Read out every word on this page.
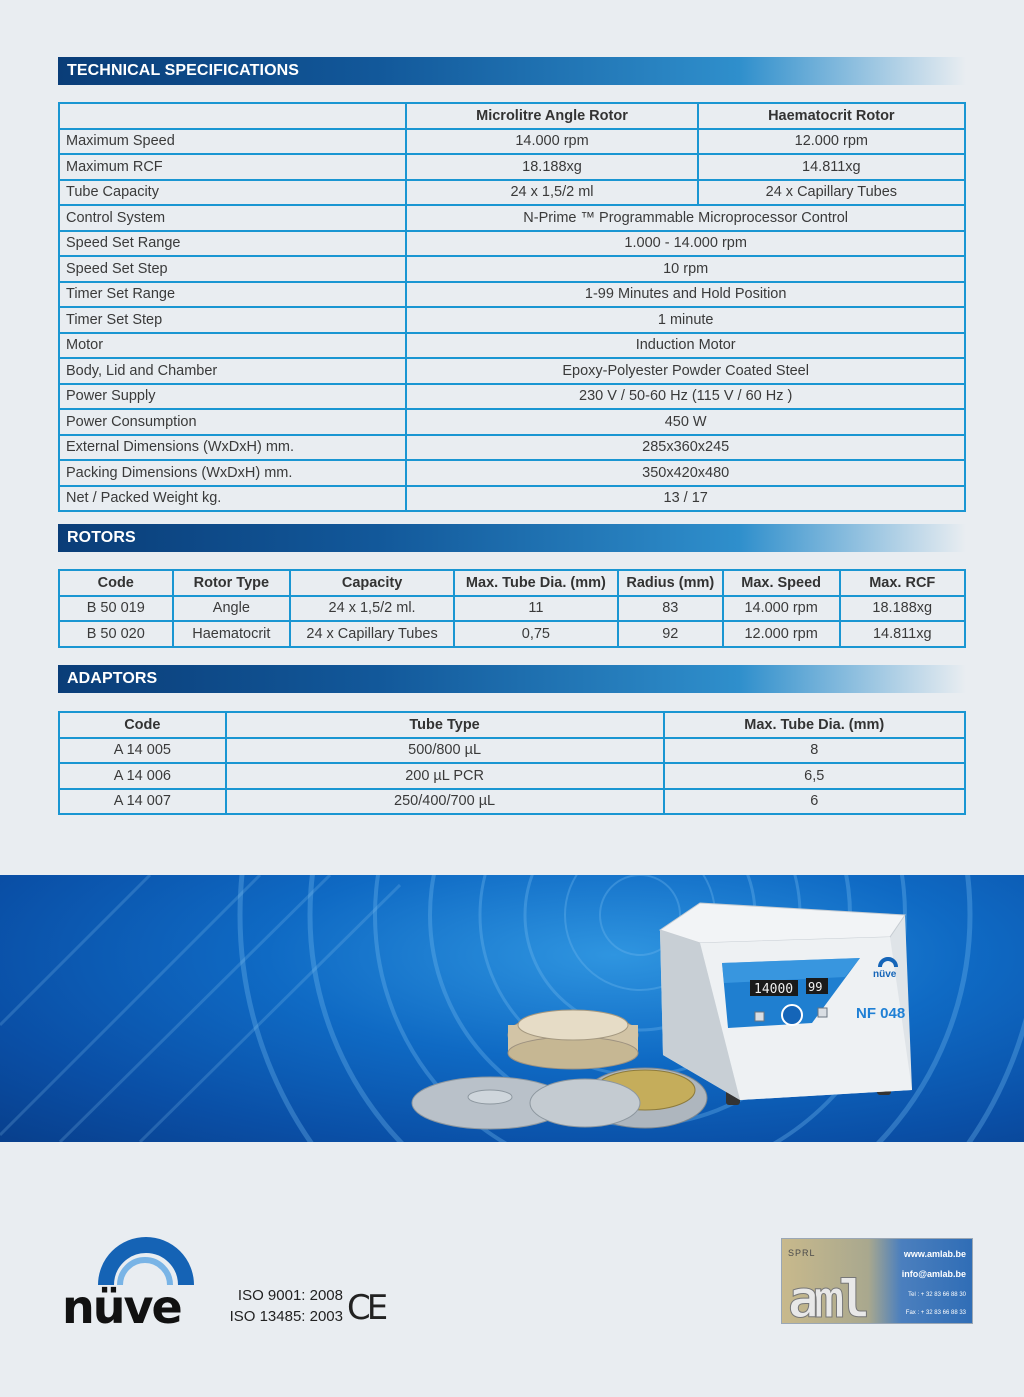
TECHNICAL SPECIFICATIONS
	Microlitre Angle Rotor	Haematocrit Rotor
Maximum Speed	14.000 rpm	12.000 rpm
Maximum RCF	18.188xg	14.811xg
Tube Capacity	24 x 1,5/2 ml	24 x Capillary Tubes
Control System	N-Prime ™ Programmable Microprocessor Control	
Speed Set Range	1.000 - 14.000 rpm	
Speed Set Step	10 rpm	
Timer Set Range	1-99 Minutes and Hold Position	
Timer Set Step	1 minute	
Motor	Induction Motor	
Body, Lid and Chamber	Epoxy-Polyester Powder Coated Steel	
Power Supply	230 V / 50-60 Hz (115 V / 60 Hz )	
Power Consumption	450 W	
External Dimensions (WxDxH) mm.	285x360x245	
Packing Dimensions (WxDxH) mm.	350x420x480	
Net / Packed Weight kg.	13 / 17	
ROTORS
Code	Rotor Type	Capacity	Max. Tube Dia. (mm)	Radius (mm)	Max. Speed	Max. RCF
B 50 019	Angle	24 x 1,5/2 ml.	11	83	14.000 rpm	18.188xg
B 50 020	Haematocrit	24 x Capillary Tubes	0,75	92	12.000 rpm	14.811xg
ADAPTORS
Code	Tube Type	Max. Tube Dia. (mm)
A 14 005	500/800 µL	8
A 14 006	200 µL PCR	6,5
A 14 007	250/400/700 µL	6
14000 99
nüve
NF 048
nüve	ISO 9001: 2008
ISO 13485: 2003 CE
SPRL
aml
www.amlab.be
info@amlab.be
Tel : + 32 83 66 88 30
Fax : + 32 83 66 88 33
